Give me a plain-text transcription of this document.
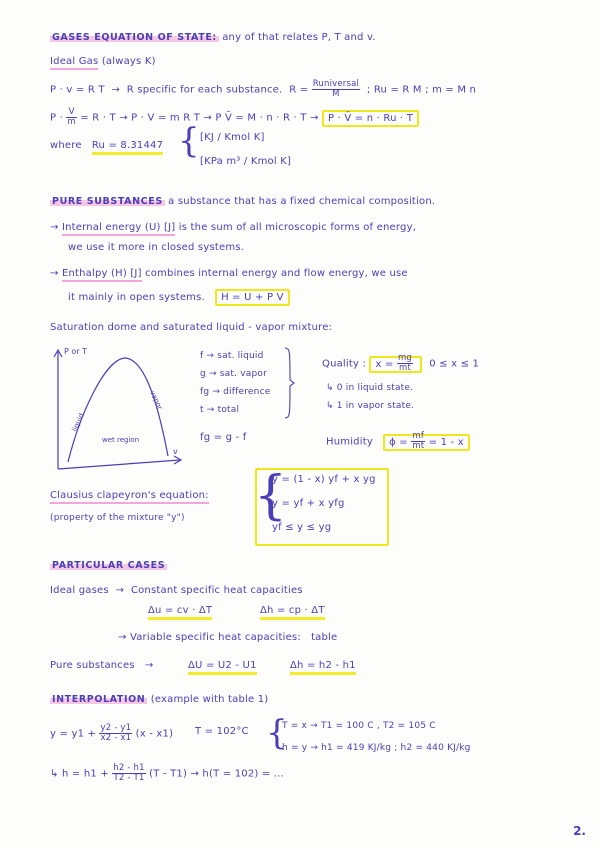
GASES EQUATION OF STATE: any of that relates P, T and v.
Ideal Gas (always K)
P · v = R T → R specific for each substance. $R = \frac{\text{Runiversal}}{M}$ ; Ru = R M ; m = M n
$P \cdot \frac{V}{m} = R \cdot T \to P \cdot V = m$ R T → P V̄ = M · n · R · T → P · V̄ = n · Ru · T
where Ru = 8.31447 { [KJ / Kmol K]
[KPa m³ / Kmol K]
PURE SUBSTANCES a substance that has a fixed chemical composition.
→ Internal energy (U) [J] is the sum of all microscopic forms of energy,
we use it more in closed systems.
→ Enthalpy (H) [J] combines internal energy and flow energy, we use
it mainly in open systems. H = U + P V
Saturation dome and saturated liquid - vapor mixture:
P or T
liquid
vapor
wet region
v
f → sat. liquid
g → sat. vapor
fg → difference
t → total
fg = g - f
Quality : $x = \frac{mg}{mt} 0 \le x \le 1$
↳ 0 in liquid state.
↳ 1 in vapor state.
Humidity $\phi = \frac{mf}{mt} = 1 - x$
Clausius clapeyron's equation:
(property of the mixture "y") {
y = (1 - x) yf + x yg
y = yf + x yfg
yf ≤ y ≤ yg
PARTICULAR CASES
Ideal gases → Constant specific heat capacities
Δu = cv · ΔT	Δh = cp · ΔT
→ Variable specific heat capacities: table
Pure substances →	ΔU = U2 - U1	Δh = h2 - h1
INTERPOLATION (example with table 1)
$y = y1 + \frac{y2 - y1}{x2 - x1} (x - x1) T = 102^\circ C$ {
T = x → T1 = 100 C , T2 = 105 C
h = y → h1 = 419 KJ/kg ; h2 = 440 KJ/kg
↳ $h = h1 + \frac{h2 - h1}{T2 - T1} (T - T1) \to h(T = 102)$ = ...
2.
